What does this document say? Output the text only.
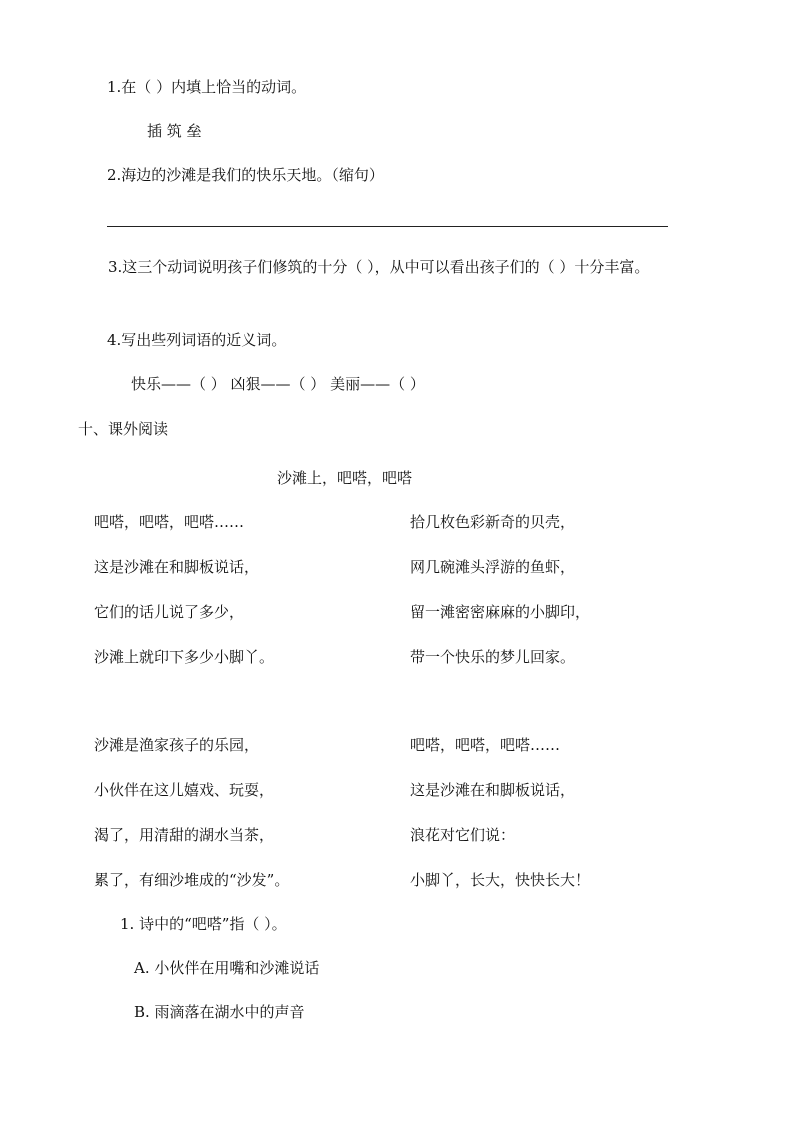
1.在（ ）内填上恰当的动词。
插 筑 垒
2.海边的沙滩是我们的快乐天地。（缩句）
3.这三个动词说明孩子们修筑的十分（ ），从中可以看出孩子们的（ ）十分丰富。
4.写出些列词语的近义词。
快乐——（ ） 凶狠——（ ） 美丽——（ ）
十、课外阅读
沙滩上，吧嗒，吧嗒
吧嗒，吧嗒，吧嗒……
这是沙滩在和脚板说话，
它们的话儿说了多少，
沙滩上就印下多少小脚丫。
拾几枚色彩新奇的贝壳，
网几碗滩头浮游的鱼虾，
留一滩密密麻麻的小脚印，
带一个快乐的梦儿回家。
沙滩是渔家孩子的乐园，
小伙伴在这儿嬉戏、玩耍，
渴了，用清甜的湖水当茶，
累了，有细沙堆成的“沙发”。
吧嗒，吧嗒，吧嗒……
这是沙滩在和脚板说话，
浪花对它们说：
小脚丫，长大，快快长大！
1. 诗中的“吧嗒”指（ ）。
A. 小伙伴在用嘴和沙滩说话
B. 雨滴落在湖水中的声音
